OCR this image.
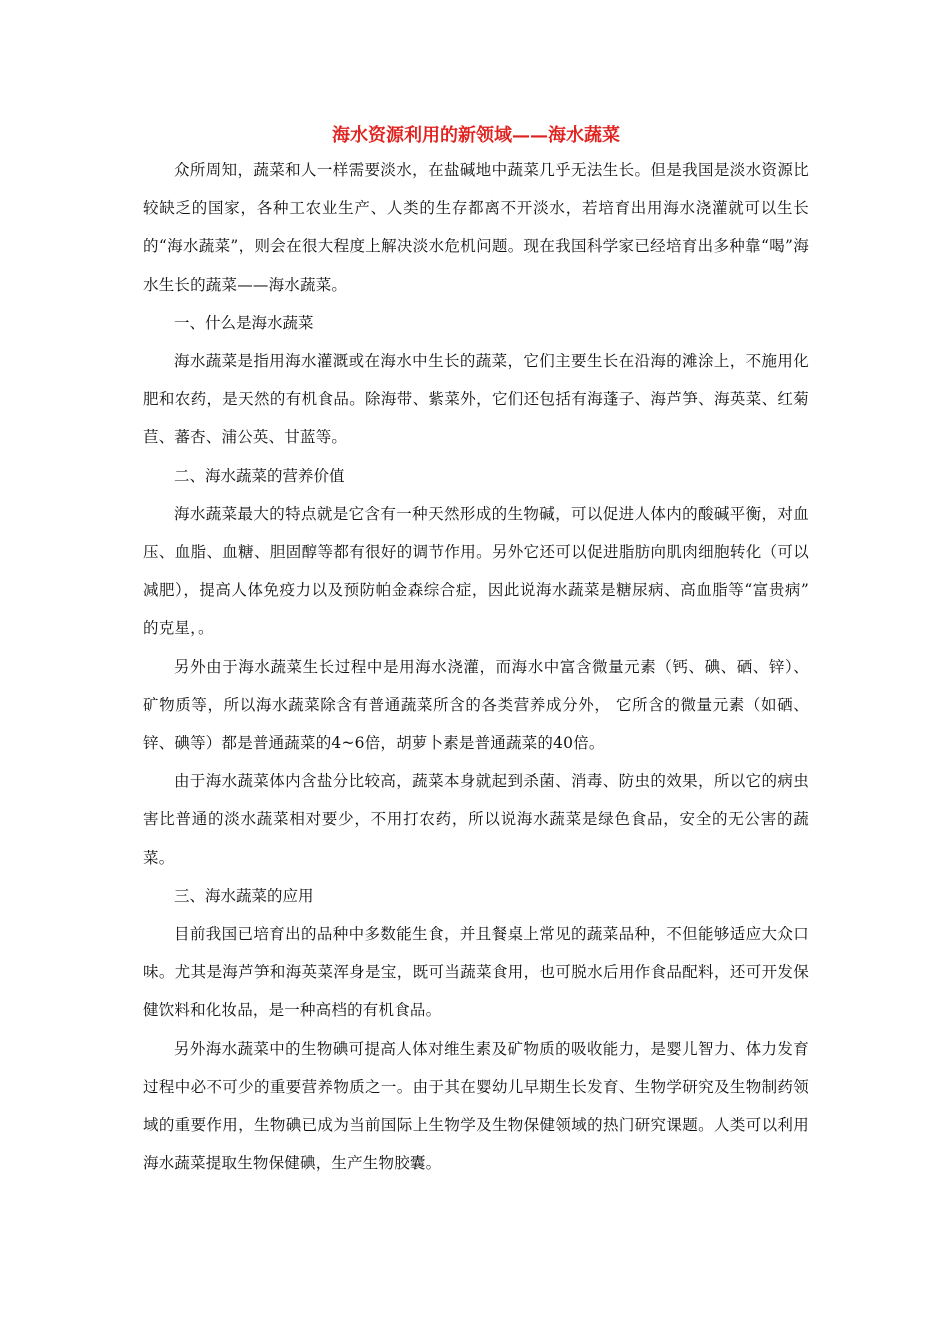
海水资源利用的新领域——海水蔬菜

众所周知，蔬菜和人一样需要淡水，在盐碱地中蔬菜几乎无法生长。但是我国是淡水资源比较缺乏的国家，各种工农业生产、人类的生存都离不开淡水，若培育出用海水浇灌就可以生长的“海水蔬菜”，则会在很大程度上解决淡水危机问题。现在我国科学家已经培育出多种靠“喝”海水生长的蔬菜——海水蔬菜。

一、什么是海水蔬菜

海水蔬菜是指用海水灌溉或在海水中生长的蔬菜，它们主要生长在沿海的滩涂上，不施用化肥和农药，是天然的有机食品。除海带、紫菜外，它们还包括有海蓬子、海芦笋、海英菜、红菊苣、蕃杏、浦公英、甘蓝等。

二、海水蔬菜的营养价值

海水蔬菜最大的特点就是它含有一种天然形成的生物碱，可以促进人体内的酸碱平衡，对血压、血脂、血糖、胆固醇等都有很好的调节作用。另外它还可以促进脂肪向肌肉细胞转化（可以减肥），提高人体免疫力以及预防帕金森综合症，因此说海水蔬菜是糖尿病、高血脂等“富贵病” 的克星，。

另外由于海水蔬菜生长过程中是用海水浇灌，而海水中富含微量元素（钙、碘、硒、锌）、矿物质等，所以海水蔬菜除含有普通蔬菜所含的各类营养成分外， 它所含的微量元素（如硒、锌、碘等）都是普通蔬菜的4~6倍，胡萝卜素是普通蔬菜的40倍。

由于海水蔬菜体内含盐分比较高，蔬菜本身就起到杀菌、消毒、防虫的效果，所以它的病虫害比普通的淡水蔬菜相对要少，不用打农药，所以说海水蔬菜是绿色食品，安全的无公害的蔬菜。

三、海水蔬菜的应用

目前我国已培育出的品种中多数能生食，并且餐桌上常见的蔬菜品种，不但能够适应大众口味。尤其是海芦笋和海英菜浑身是宝，既可当蔬菜食用，也可脱水后用作食品配料，还可开发保健饮料和化妆品，是一种高档的有机食品。

另外海水蔬菜中的生物碘可提高人体对维生素及矿物质的吸收能力，是婴儿智力、体力发育过程中必不可少的重要营养物质之一。由于其在婴幼儿早期生长发育、生物学研究及生物制药领域的重要作用，生物碘已成为当前国际上生物学及生物保健领域的热门研究课题。人类可以利用海水蔬菜提取生物保健碘，生产生物胶囊。
